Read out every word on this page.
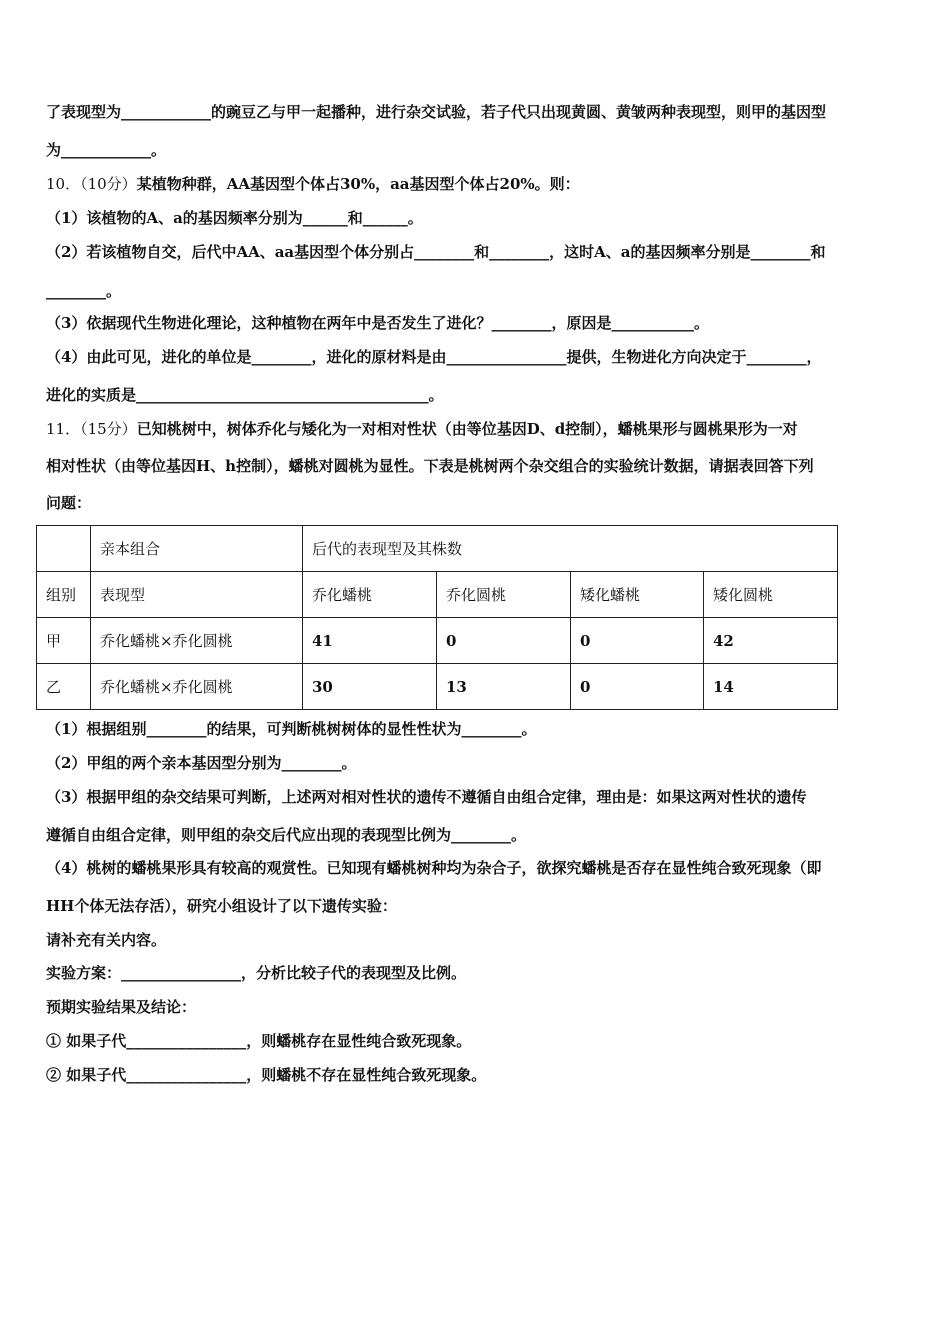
了表现型为____________的豌豆乙与甲一起播种，进行杂交试验，若子代只出现黄圆、黄皱两种表现型，则甲的基因型
为____________。
10．（10分）某植物种群，AA基因型个体占30%，aa基因型个体占20%。则：
（1）该植物的A、a的基因频率分别为______和______。
（2）若该植物自交，后代中AA、aa基因型个体分别占________和________，这时A、a的基因频率分别是________和
________。
（3）依据现代生物进化理论，这种植物在两年中是否发生了进化？________，原因是___________。
（4）由此可见，进化的单位是________，进化的原材料是由________________提供，生物进化方向决定于________，
进化的实质是_______________________________________。
11．（15分）已知桃树中，树体乔化与矮化为一对相对性状（由等位基因D、d控制），蟠桃果形与圆桃果形为一对
相对性状（由等位基因H、h控制），蟠桃对圆桃为显性。下表是桃树两个杂交组合的实验统计数据，请据表回答下列
问题：
	亲本组合	后代的表现型及其株数			
组别	表现型	乔化蟠桃	乔化圆桃	矮化蟠桃	矮化圆桃
甲	乔化蟠桃×乔化圆桃	41	0	0	42
乙	乔化蟠桃×乔化圆桃	30	13	0	14
（1）根据组别________的结果，可判断桃树树体的显性性状为________。
（2）甲组的两个亲本基因型分别为________。
（3）根据甲组的杂交结果可判断，上述两对相对性状的遗传不遵循自由组合定律，理由是：如果这两对性状的遗传
遵循自由组合定律，则甲组的杂交后代应出现的表现型比例为________。
（4）桃树的蟠桃果形具有较高的观赏性。已知现有蟠桃树种均为杂合子，欲探究蟠桃是否存在显性纯合致死现象（即
HH个体无法存活），研究小组设计了以下遗传实验：
请补充有关内容。
实验方案：________________，分析比较子代的表现型及比例。
预期实验结果及结论：
① 如果子代________________，则蟠桃存在显性纯合致死现象。
② 如果子代________________，则蟠桃不存在显性纯合致死现象。
